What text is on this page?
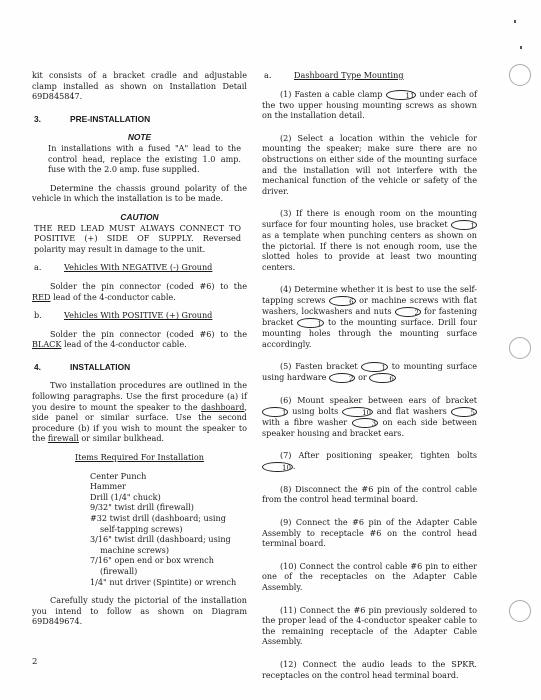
kit consists of a bracket cradle and adjustable clamp installed as shown on Installation Detail 69D845847.

3.	PRE-INSTALLATION
NOTE

In installations with a fused "A" lead to the control head, replace the existing 1.0 amp. fuse with the 2.0 amp. fuse supplied.

Determine the chassis ground polarity of the vehicle in which the installation is to be made.

CAUTION

THE RED LEAD MUST ALWAYS CONNECT TO POSITIVE (+) SIDE OF SUPPLY. Reversed polarity may result in damage to the unit.

a.	Vehicles With NEGATIVE (-) Ground

Solder the pin connector (coded #6) to the RED lead of the 4-conductor cable.

b.	Vehicles With POSITIVE (+) Ground

Solder the pin connector (coded #6) to the BLACK lead of the 4-conductor cable.

4.	INSTALLATION

Two installation procedures are outlined in the following paragraphs. Use the first procedure (a) if you desire to mount the speaker to the dashboard, side panel or similar surface. Use the second procedure (b) if you wish to mount the speaker to the firewall or similar bulkhead.

Items Required For Installation
Center Punch
Hammer
Drill (1/4" chuck)
9/32" twist drill (firewall)
#32 twist drill (dashboard; using
self-tapping screws)
3/16" twist drill (dashboard; using
machine screws)
7/16" open end or box wrench
(firewall)
1/4" nut driver (Spintite) or wrench

Carefully study the pictorial of the installation you intend to follow as shown on Diagram 69D849674.

a.	Dashboard Type Mounting

(1) Fasten a cable clamp	11 under each of the two upper housing mounting screws as shown on the installation detail.

(2) Select a location within the vehicle for mounting the speaker; make sure there are no obstructions on either side of the mounting surface and the installation will not interfere with the mechanical function of the vehicle or safety of the driver.

(3) If there is enough room on the mounting surface for four mounting holes, use bracket	1 as a template when punching centers as shown on the pictorial. If there is not enough room, use the slotted holes to provide at least two mounting centers.

(4) Determine whether it is best to use the self-tapping screws	6 or machine screws with flat washers, lockwashers and nuts	2 for fastening bracket	1 to the mounting surface. Drill four mounting holes through the mounting surface accordingly.

(5) Fasten bracket	1 to mounting surface using hardware	2 or	6

(6) Mount speaker between ears of bracket 1 using bolts	10 and flat washers	5 with a fibre washer	3 on each side between speaker housing and bracket ears.

(7) After positioning speaker, tighten bolts 10 .

(8) Disconnect the #6 pin of the control cable from the control head terminal board.

(9) Connect the #6 pin of the Adapter Cable Assembly to receptacle #6 on the control head terminal board.

(10) Connect the control cable #6 pin to either one of the receptacles on the Adapter Cable Assembly.

(11) Connect the #6 pin previously soldered to the proper lead of the 4-conductor speaker cable to the remaining receptacle of the Adapter Cable Assembly.

(12) Connect the audio leads to the SPKR. receptacles on the control head terminal board.

2
